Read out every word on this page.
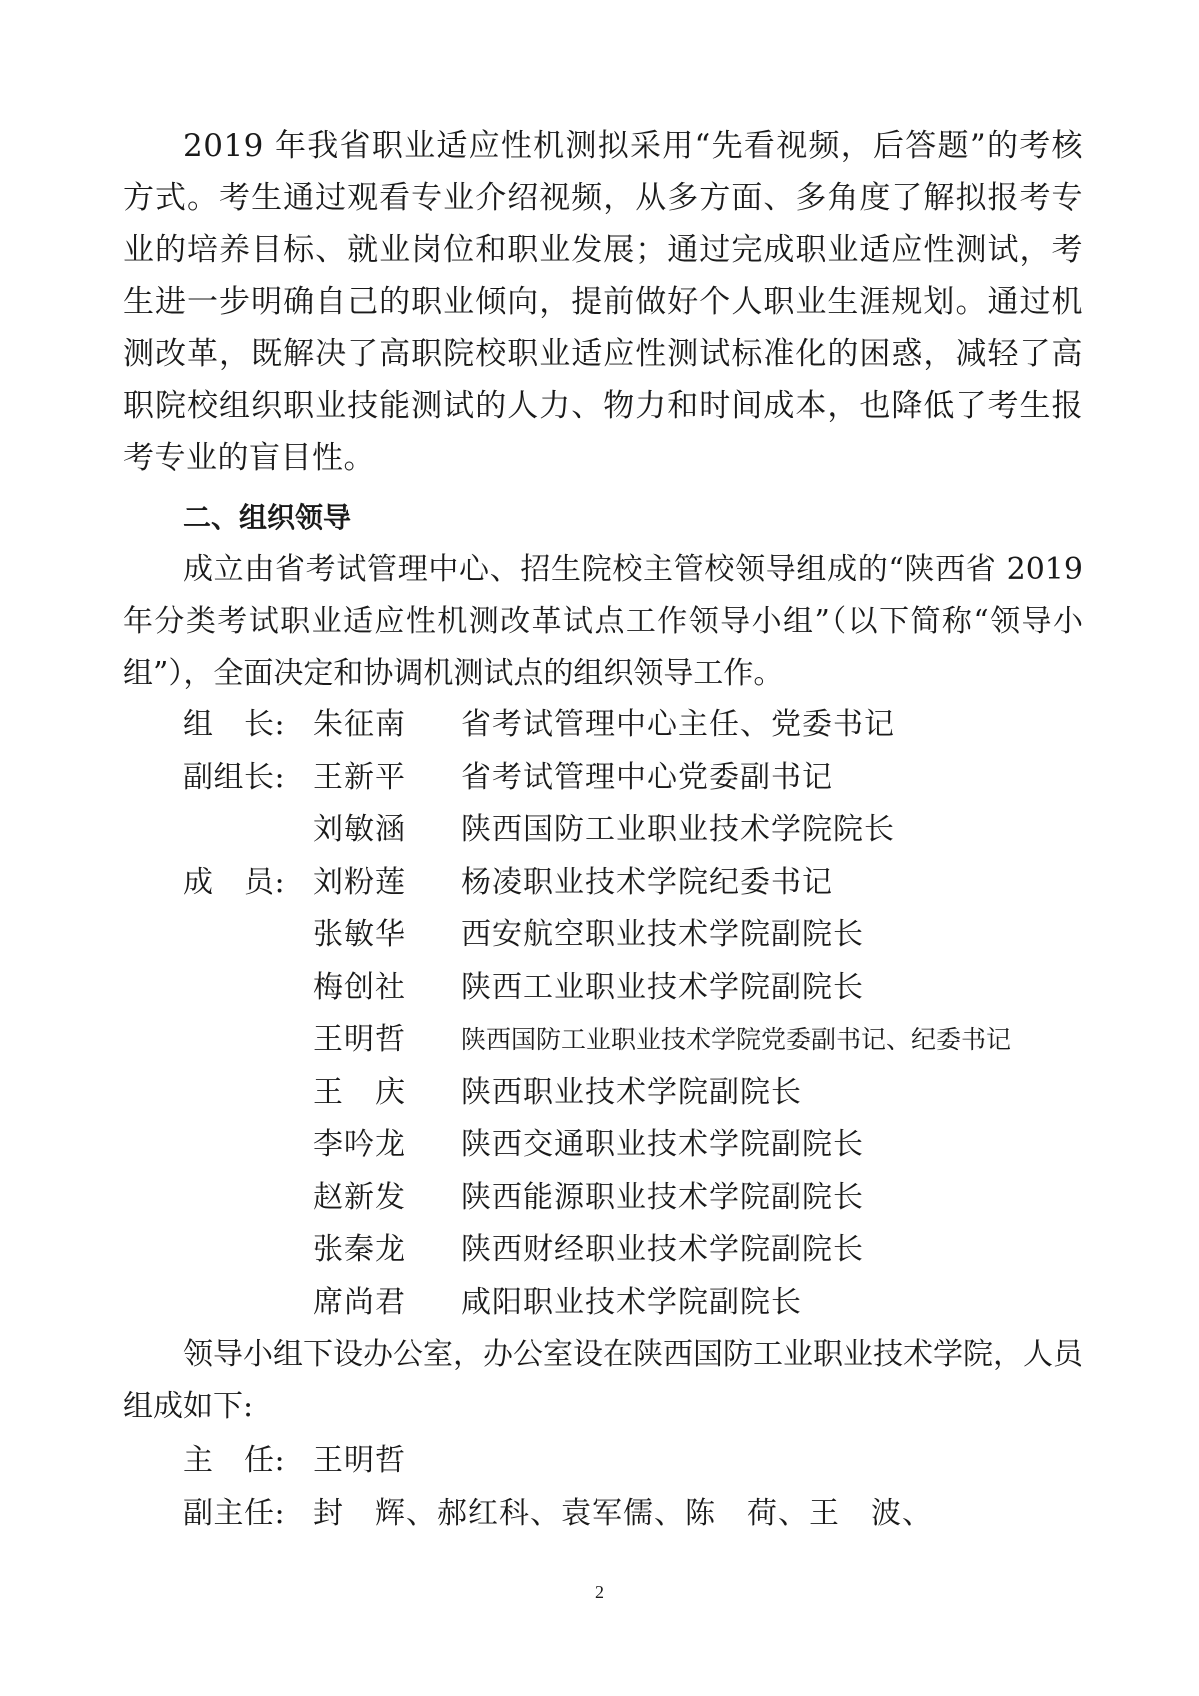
2019 年我省职业适应性机测拟采用“先看视频，后答题”的考核方式。考生通过观看专业介绍视频，从多方面、多角度了解拟报考专业的培养目标、就业岗位和职业发展；通过完成职业适应性测试，考生进一步明确自己的职业倾向，提前做好个人职业生涯规划。通过机测改革，既解决了高职院校职业适应性测试标准化的困惑，减轻了高职院校组织职业技能测试的人力、物力和时间成本，也降低了考生报考专业的盲目性。

二、组织领导

成立由省考试管理中心、招生院校主管校领导组成的“陕西省 2019 年分类考试职业适应性机测改革试点工作领导小组”（以下简称“领导小组”），全面决定和协调机测试点的组织领导工作。

组　长: 朱征南	省考试管理中心主任、党委书记
副组长: 王新平	省考试管理中心党委副书记
刘敏涵	陕西国防工业职业技术学院院长
成　员: 刘粉莲	杨凌职业技术学院纪委书记
张敏华	西安航空职业技术学院副院长
梅创社	陕西工业职业技术学院副院长
王明哲	陕西国防工业职业技术学院党委副书记、纪委书记
王　庆	陕西职业技术学院副院长
李吟龙	陕西交通职业技术学院副院长
赵新发	陕西能源职业技术学院副院长
张秦龙	陕西财经职业技术学院副院长
席尚君	咸阳职业技术学院副院长

领导小组下设办公室，办公室设在陕西国防工业职业技术学院，人员组成如下:

主　任: 王明哲
副主任: 封　辉、郝红科、袁军儒、陈　荷、王　波、
2
